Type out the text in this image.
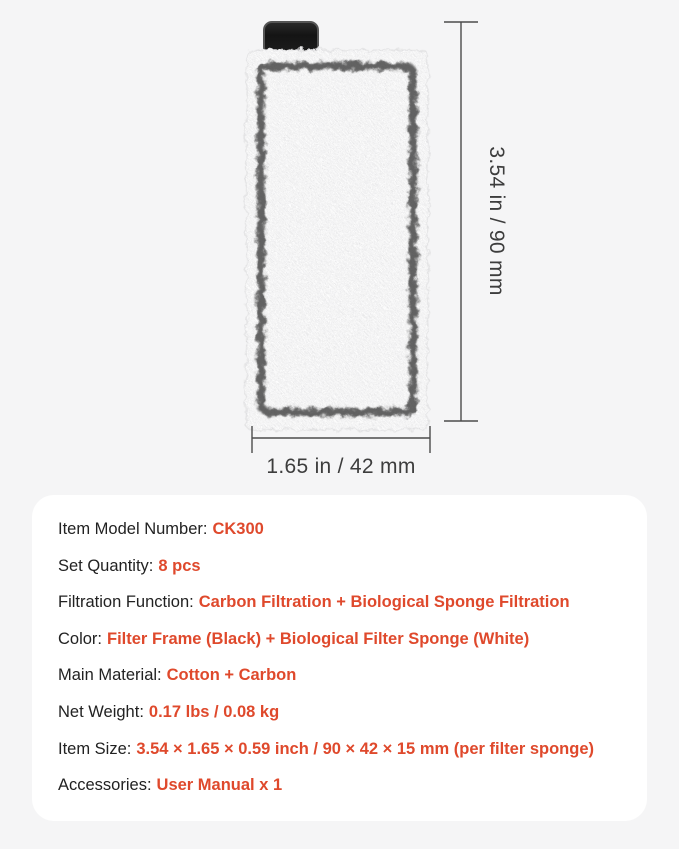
3.54 in / 90 mm
1.65 in / 42 mm
Item Model Number: CK300
Set Quantity: 8 pcs
Filtration Function: Carbon Filtration + Biological Sponge Filtration
Color: Filter Frame (Black) + Biological Filter Sponge (White)
Main Material: Cotton + Carbon
Net Weight: 0.17 lbs / 0.08 kg
Item Size: 3.54 × 1.65 × 0.59 inch / 90 × 42 × 15 mm (per filter sponge)
Accessories: User Manual x 1
